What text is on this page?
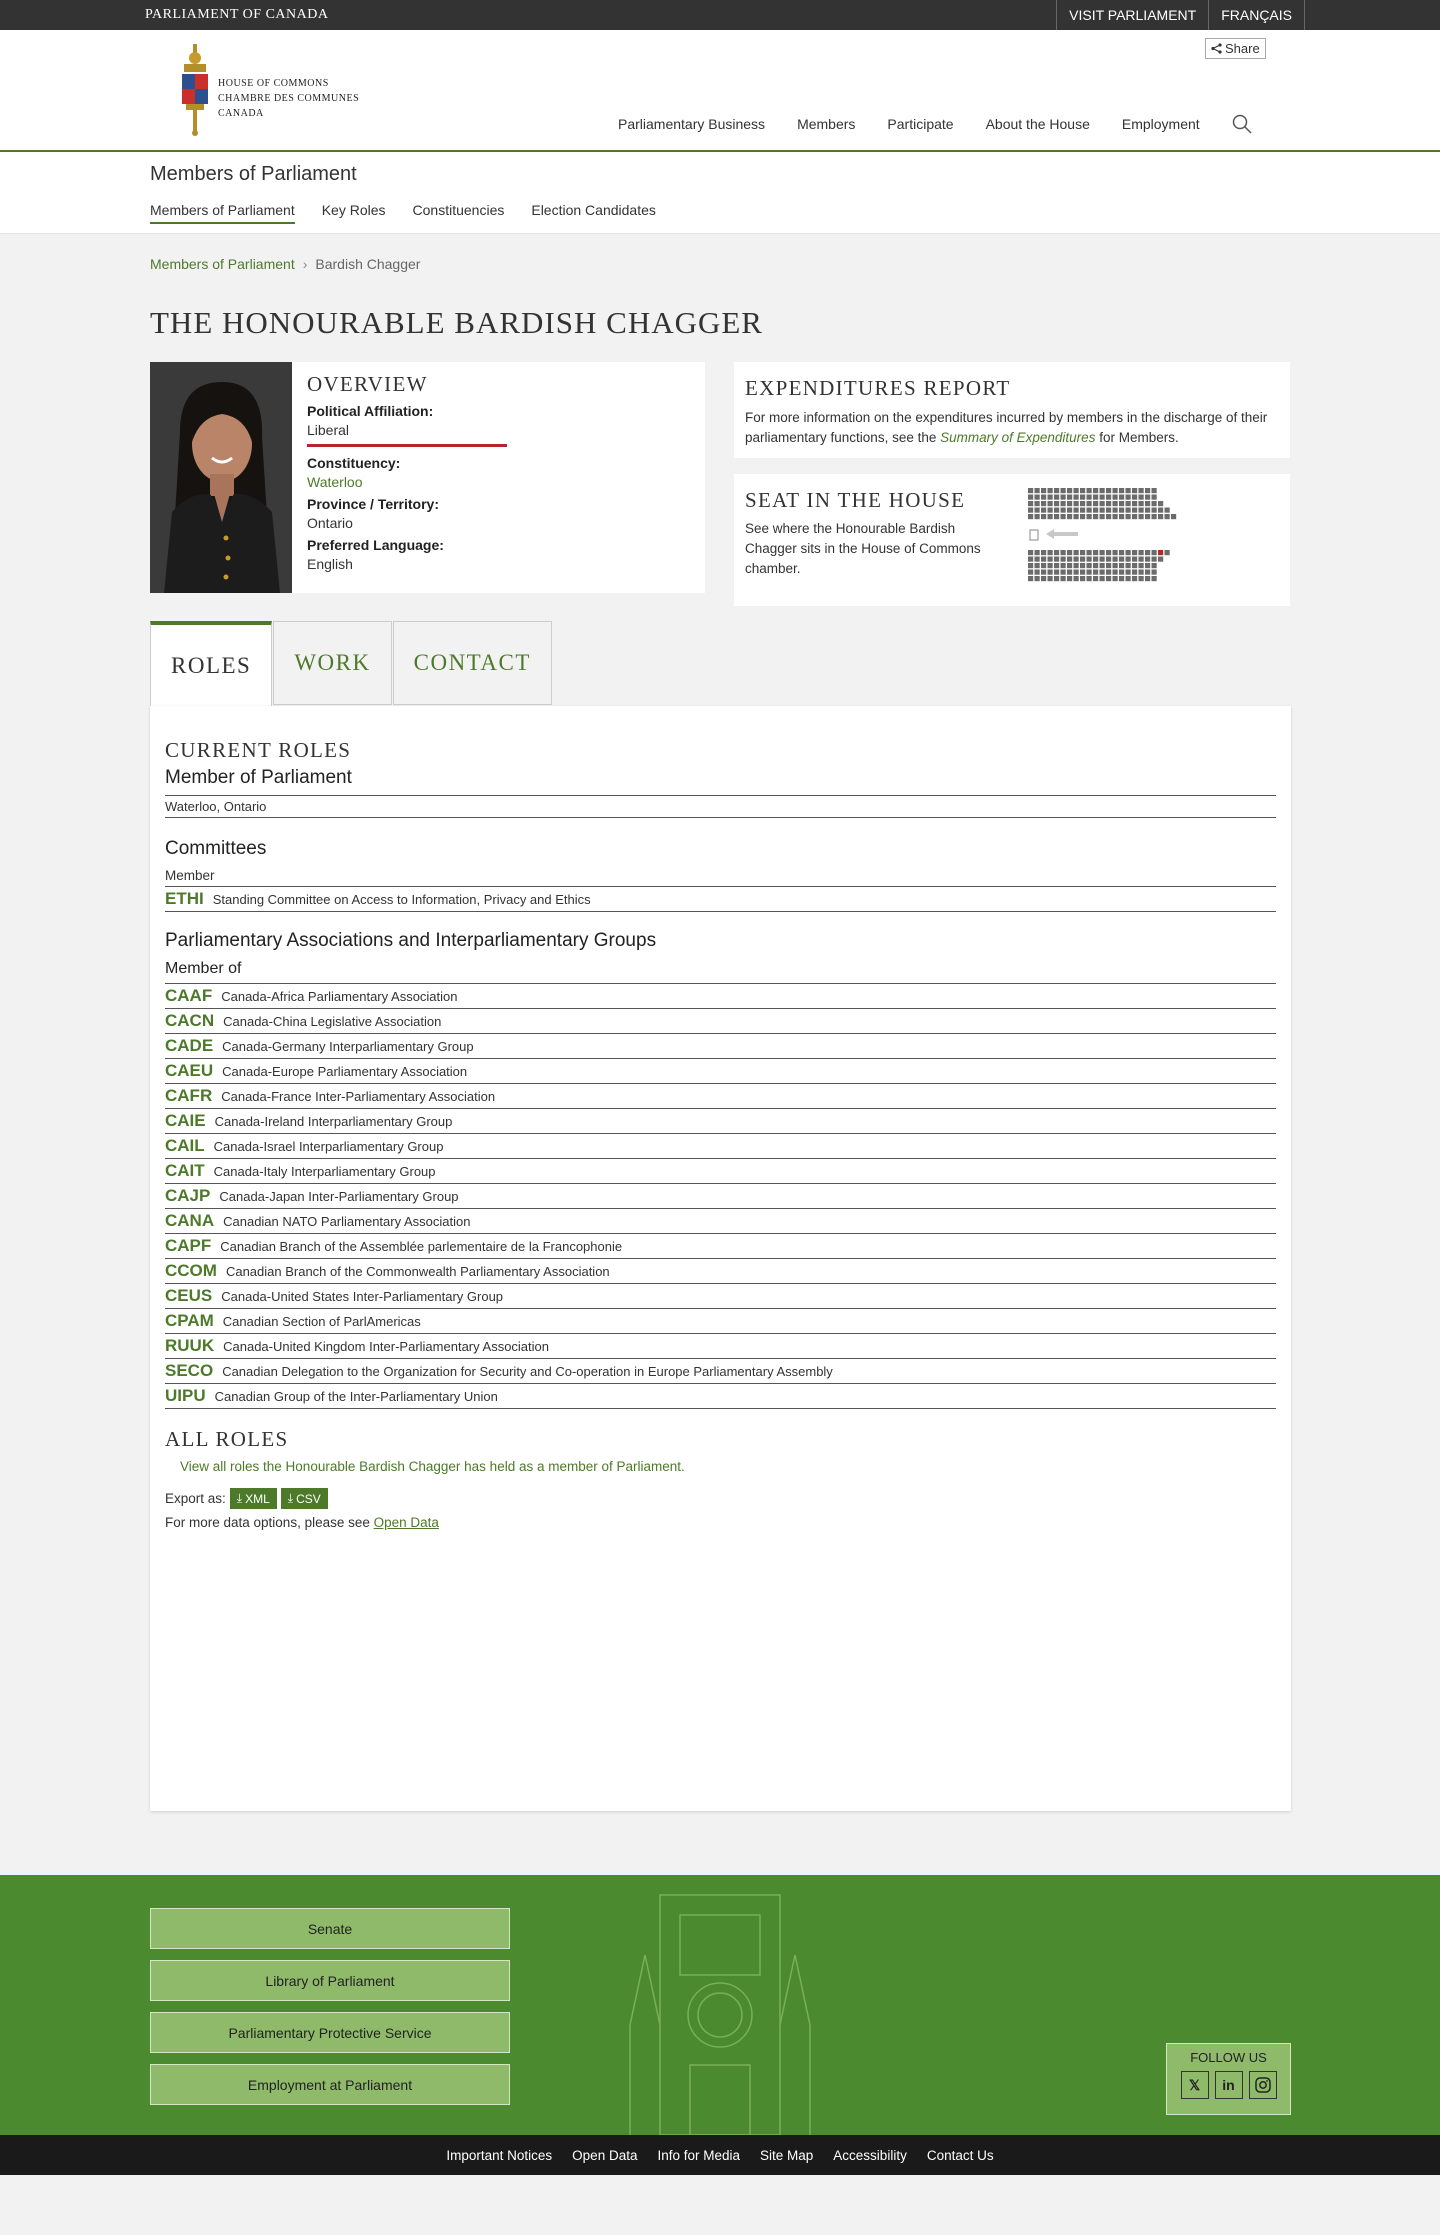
PARLIAMENT OF CANADA	VISIT PARLIAMENT	FRANÇAIS
HOUSE OF COMMONS
CHAMBRE DES COMMUNES
CANADA
Share
Parliamentary Business Members Participate About the House Employment
Members of Parliament
Members of Parliament Key Roles Constituencies Election Candidates
Members of Parliament › Bardish Chagger
THE HONOURABLE BARDISH CHAGGER
OVERVIEW
Political Affiliation:
Liberal
Constituency:
Waterloo
Province / Territory:
Ontario
Preferred Language:
English
EXPENDITURES REPORT

For more information on the expenditures incurred by members in the discharge of their parliamentary functions, see the Summary of Expenditures for Members.

SEAT IN THE HOUSE

See where the Honourable Bardish Chagger sits in the House of Commons chamber.

ROLES	WORK	CONTACT
CURRENT ROLES
Member of Parliament
Waterloo, Ontario
Committees
Member
ETHI Standing Committee on Access to Information, Privacy and Ethics
Parliamentary Associations and Interparliamentary Groups
Member of
CAAF Canada-Africa Parliamentary Association
CACN Canada-China Legislative Association
CADE Canada-Germany Interparliamentary Group
CAEU Canada-Europe Parliamentary Association
CAFR Canada-France Inter-Parliamentary Association
CAIE Canada-Ireland Interparliamentary Group
CAIL Canada-Israel Interparliamentary Group
CAIT Canada-Italy Interparliamentary Group
CAJP Canada-Japan Inter-Parliamentary Group
CANA Canadian NATO Parliamentary Association
CAPF Canadian Branch of the Assemblée parlementaire de la Francophonie
CCOM Canadian Branch of the Commonwealth Parliamentary Association
CEUS Canada-United States Inter-Parliamentary Group
CPAM Canadian Section of ParlAmericas
RUUK Canada-United Kingdom Inter-Parliamentary Association
SECO Canadian Delegation to the Organization for Security and Co-operation in Europe Parliamentary Assembly
UIPU Canadian Group of the Inter-Parliamentary Union
ALL ROLES
View all roles the Honourable Bardish Chagger has held as a member of Parliament.
Export as: ⤓ XML ⤓ CSV
For more data options, please see Open Data
Senate
Library of Parliament
Parliamentary Protective Service
Employment at Parliament
FOLLOW US
𝕏	in
Important Notices Open Data Info for Media Site Map Accessibility Contact Us
